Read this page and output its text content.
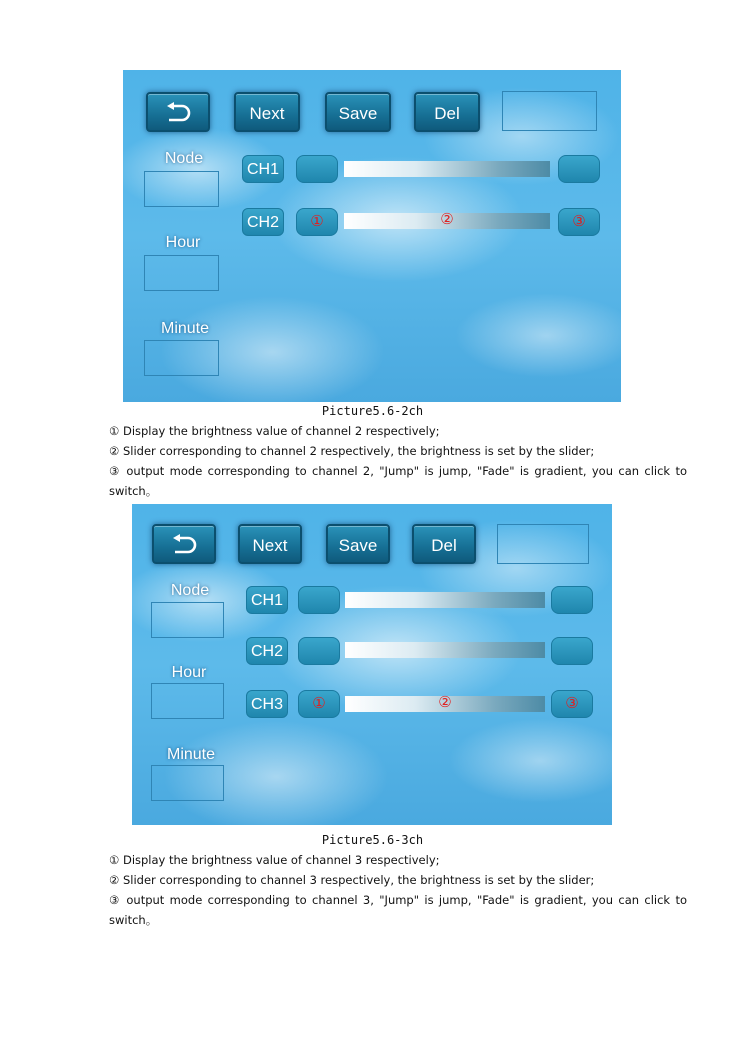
Next	Save	Del
Node
Hour
Minute
CH1
CH2	①	②	③
Picture5.6-2ch
① Display the brightness value of channel 2 respectively;
② Slider corresponding to channel 2 respectively, the brightness is set by the slider;
③ output mode corresponding to channel 2, "Jump" is jump, "Fade" is gradient, you can click to switch。
Next	Save	Del
Node
Hour
Minute
CH1
CH2
CH3	①	②	③
Picture5.6-3ch
① Display the brightness value of channel 3 respectively;
② Slider corresponding to channel 3 respectively, the brightness is set by the slider;
③ output mode corresponding to channel 3, "Jump" is jump, "Fade" is gradient, you can click to switch。
